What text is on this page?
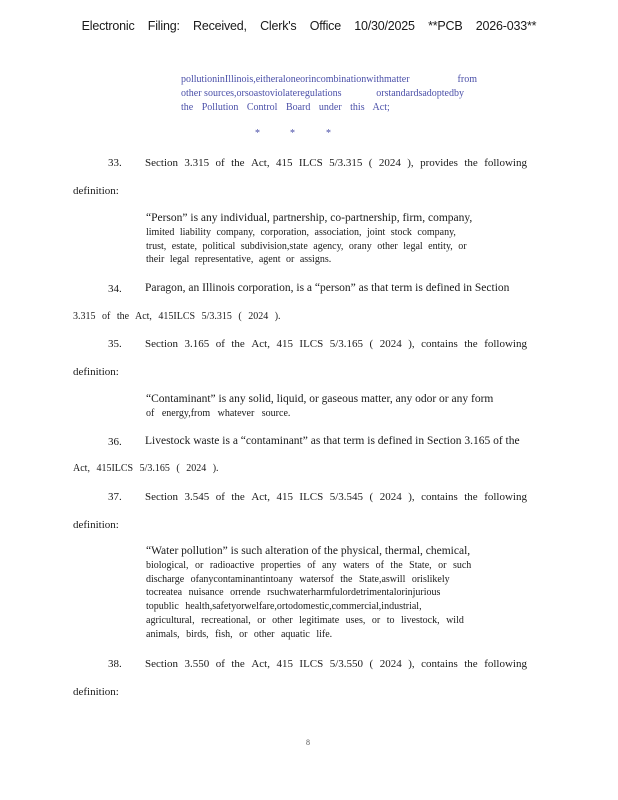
Electronic Filing: Received, Clerk's Office 10/30/2025 **PCB 2026-033**
pollutioninIllinois,eitheraloneorincombinationwithmatter	from
other sources,orsoastoviolateregulations	orstandardsadoptedby
the Pollution Control Board under this Act;
*	*	*
33. Section 3.315 of the Act, 415 ILCS 5/3.315 ( 2024 ), provides the following
definition:
“Person” is any individual, partnership, co-partnership, firm, company,
limited liability company, corporation, association, joint stock company,
trust, estate, political subdivision,state agency, orany other legal entity, or
their legal representative, agent or assigns.
34. Paragon, an Illinois corporation, is a “person” as that term is defined in Section
3.315 of the Act, 415ILCS 5/3.315 ( 2024 ).
35. Section 3.165 of the Act, 415 ILCS 5/3.165 ( 2024 ), contains the following
definition:
“Contaminant” is any solid, liquid, or gaseous matter, any odor or any form
of energy,from whatever source.
36. Livestock waste is a “contaminant” as that term is defined in Section 3.165 of the
Act, 415ILCS 5/3.165 ( 2024 ).
37. Section 3.545 of the Act, 415 ILCS 5/3.545 ( 2024 ), contains the following
definition:
“Water pollution” is such alteration of the physical, thermal, chemical,
biological, or radioactive properties of any waters of the State, or such
discharge ofanycontaminantintoany watersof the State,aswill orislikely
tocreatea nuisance orrende rsuchwaterharmfulordetrimentalorinjurious
topublic health,safetyorwelfare,ortodomestic,commercial,industrial,
agricultural, recreational, or other legitimate uses, or to livestock, wild
animals, birds, fish, or other aquatic life.
38. Section 3.550 of the Act, 415 ILCS 5/3.550 ( 2024 ), contains the following
definition:
8
